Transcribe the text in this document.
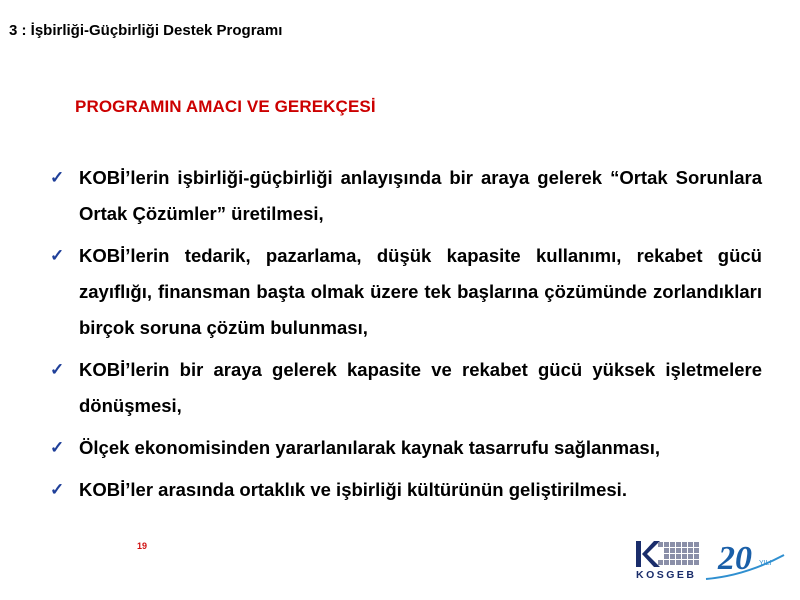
3 : İşbirliği-Güçbirliği Destek Programı
PROGRAMIN AMACI VE GEREKÇESİ
✓ KOBİ’lerin işbirliği-güçbirliği anlayışında bir araya gelerek “Ortak Sorunlara Ortak Çözümler” üretilmesi,
✓ KOBİ’lerin tedarik, pazarlama, düşük kapasite kullanımı, rekabet gücü zayıflığı, finansman başta olmak üzere tek başlarına çözümünde zorlandıkları birçok soruna çözüm bulunması,
✓ KOBİ’lerin bir araya gelerek kapasite ve rekabet gücü yüksek işletmelere dönüşmesi,
✓ Ölçek ekonomisinden yararlanılarak kaynak tasarrufu sağlanması,
✓ KOBİ’ler arasında ortaklık ve işbirliği kültürünün geliştirilmesi.
19	20 YILI
KOSGEB
